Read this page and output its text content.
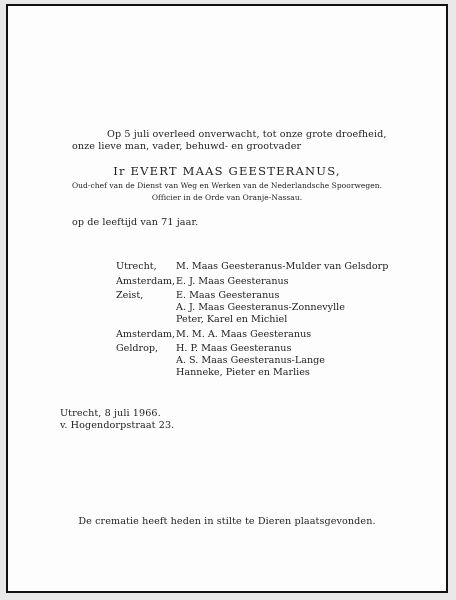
Op 5 juli overleed onverwacht, tot onze grote droefheid,
onze lieve man, vader, behuwd- en grootvader
Ir EVERT MAAS GEESTERANUS,
Oud-chef van de Dienst van Weg en Werken van de Nederlandsche Spoorwegen.
Officier in de Orde van Oranje-Nassau.
op de leeftijd van 71 jaar.
Utrecht, M. Maas Geesteranus-Mulder van Gelsdorp
Amsterdam, E. J. Maas Geesteranus
Zeist,	E. Maas Geesteranus
A. J. Maas Geesteranus-Zonnevylle
Peter, Karel en Michiel
Amsterdam, M. M. A. Maas Geesteranus
Geldrop, H. P. Maas Geesteranus
A. S. Maas Geesteranus-Lange
Hanneke, Pieter en Marlies
Utrecht, 8 juli 1966.
v. Hogendorpstraat 23.
De crematie heeft heden in stilte te Dieren plaatsgevonden.
